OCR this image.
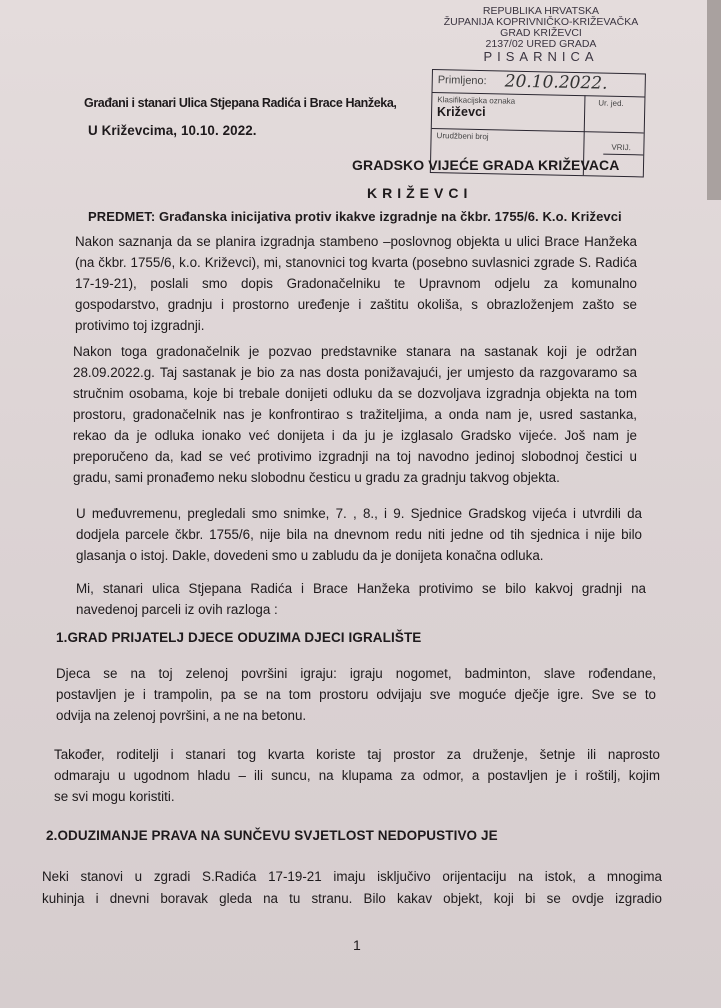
REPUBLIKA HRVATSKA
ŽUPANIJA KOPRIVNIČKO-KRIŽEVAČKA
GRAD KRIŽEVCI
2137/02 URED GRADA
PISARNICA
Primljeno: 20.10.2022.
Klasifikacijska oznaka	Ur. jed.
Urudžbeni broj
VRIJ.
Građani i stanari Ulica Stjepana Radića i Brace Hanžeka,
Križevci
U Križevcima, 10.10. 2022.
GRADSKO VIJEĆE GRADA KRIŽEVACA
KRIŽEVCI
PREDMET: Građanska inicijativa protiv ikakve izgradnje na čkbr. 1755/6. K.o. Križevci
Nakon saznanja da se planira izgradnja stambeno –poslovnog objekta u ulici Brace Hanžeka
(na čkbr. 1755/6, k.o. Križevci), mi, stanovnici tog kvarta (posebno suvlasnici zgrade S. Radića
17-19-21), poslali smo dopis Gradonačelniku te Upravnom odjelu za komunalno
gospodarstvo, gradnju i prostorno uređenje i zaštitu okoliša, s obrazloženjem zašto se
protivimo toj izgradnji.
Nakon toga gradonačelnik je pozvao predstavnike stanara na sastanak koji je održan
28.09.2022.g. Taj sastanak je bio za nas dosta ponižavajući, jer umjesto da razgovaramo sa
stručnim osobama, koje bi trebale donijeti odluku da se dozvoljava izgradnja objekta na tom
prostoru, gradonačelnik nas je konfrontirao s tražiteljima, a onda nam je, usred sastanka,
rekao da je odluka ionako već donijeta i da ju je izglasalo Gradsko vijeće. Još nam je
preporučeno da, kad se već protivimo izgradnji na toj navodno jedinoj slobodnoj čestici u
gradu, sami pronađemo neku slobodnu česticu u gradu za gradnju takvog objekta.
U međuvremenu, pregledali smo snimke, 7. , 8., i 9. Sjednice Gradskog vijeća i utvrdili da
dodjela parcele čkbr. 1755/6, nije bila na dnevnom redu niti jedne od tih sjednica i nije bilo
glasanja o istoj. Dakle, dovedeni smo u zabludu da je donijeta konačna odluka.
Mi, stanari ulica Stjepana Radića i Brace Hanžeka protivimo se bilo kakvoj gradnji na
navedenoj parceli iz ovih razloga :
1.GRAD PRIJATELJ DJECE ODUZIMA DJECI IGRALIŠTE
Djeca se na toj zelenoj površini igraju: igraju nogomet, badminton, slave rođendane,
postavljen je i trampolin, pa se na tom prostoru odvijaju sve moguće dječje igre. Sve se to
odvija na zelenoj površini, a ne na betonu.
Također, roditelji i stanari tog kvarta koriste taj prostor za druženje, šetnje ili naprosto
odmaraju u ugodnom hladu – ili suncu, na klupama za odmor, a postavljen je i roštilj, kojim
se svi mogu koristiti.
2.ODUZIMANJE PRAVA NA SUNČEVU SVJETLOST NEDOPUSTIVO JE
Neki stanovi u zgradi S.Radića 17-19-21 imaju isključivo orijentaciju na istok, a mnogima
kuhinja i dnevni boravak gleda na tu stranu. Bilo kakav objekt, koji bi se ovdje izgradio
1
